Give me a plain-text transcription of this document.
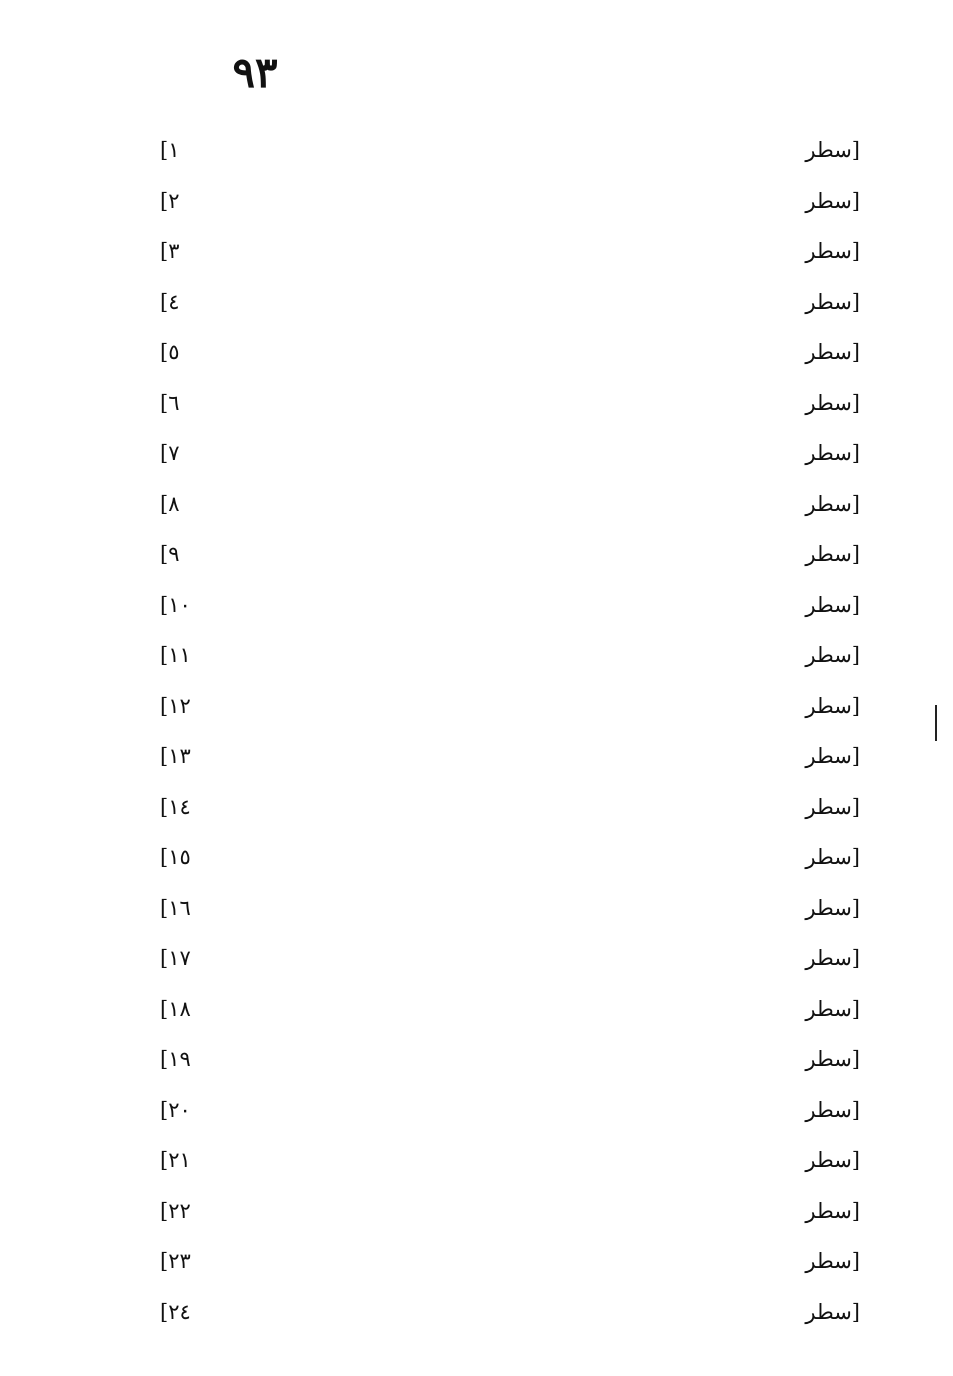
٩٣
[سطر ١]
[سطر ٢]
[سطر ٣]
[سطر ٤]
[سطر ٥]
[سطر ٦]
[سطر ٧]
[سطر ٨]
[سطر ٩]
[سطر ١٠]
[سطر ١١]
[سطر ١٢]
[سطر ١٣]
[سطر ١٤]
[سطر ١٥]
[سطر ١٦]
[سطر ١٧]
[سطر ١٨]
[سطر ١٩]
[سطر ٢٠]
[سطر ٢١]
[سطر ٢٢]
[سطر ٢٣]
[سطر ٢٤]
